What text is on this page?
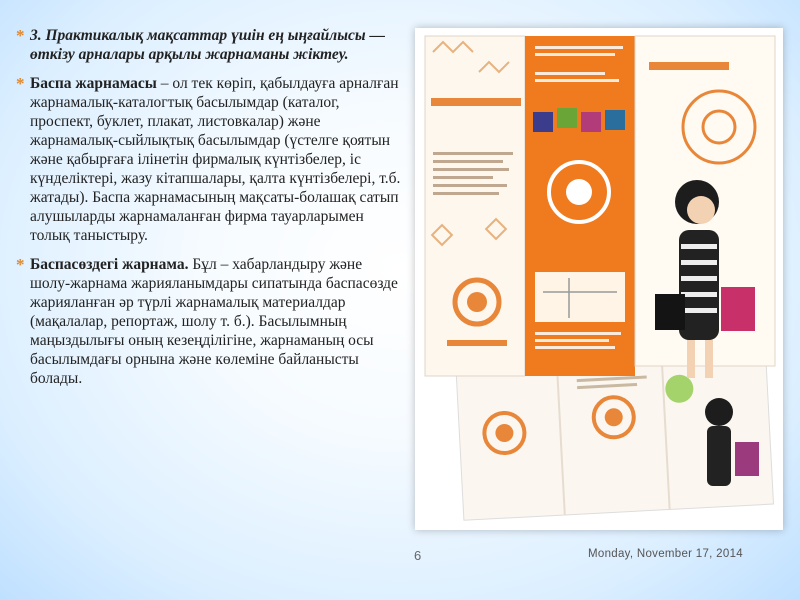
* 3. Практикалық мақсаттар үшін ең ыңғайлысы — өткізу арналары арқылы жарнаманы жіктеу.
* Баспа жарнамасы – ол тек көріп, қабылдауға арналған жарнамалық-каталогтық басылымдар (каталог, проспект, буклет, плакат, листовкалар) және жарнамалық-сыйлықтық басылымдар (үстелге қоятын және қабырғаға ілінетін фирмалық күнтізбелер, іс күнделіктері, жазу кітапшалары, қалта күнтізбелері, т.б. жатады). Баспа жарнамасының мақсаты-болашақ сатып алушыларды жарнамаланған фирма тауарларымен толық таныстыру.
* Баспасөздегі жарнама. Бұл – хабарландыру және шолу-жарнама жарияланымдары сипатында баспасөзде жарияланған әр түрлі жарнамалық материалдар (мақалалар, репортаж, шолу т. б.). Басылымның маңыздылығы оның кезеңділігіне, жарнаманың осы басылымдағы орнына және көлеміне байланысты болады.
6	Monday, November 17, 2014
